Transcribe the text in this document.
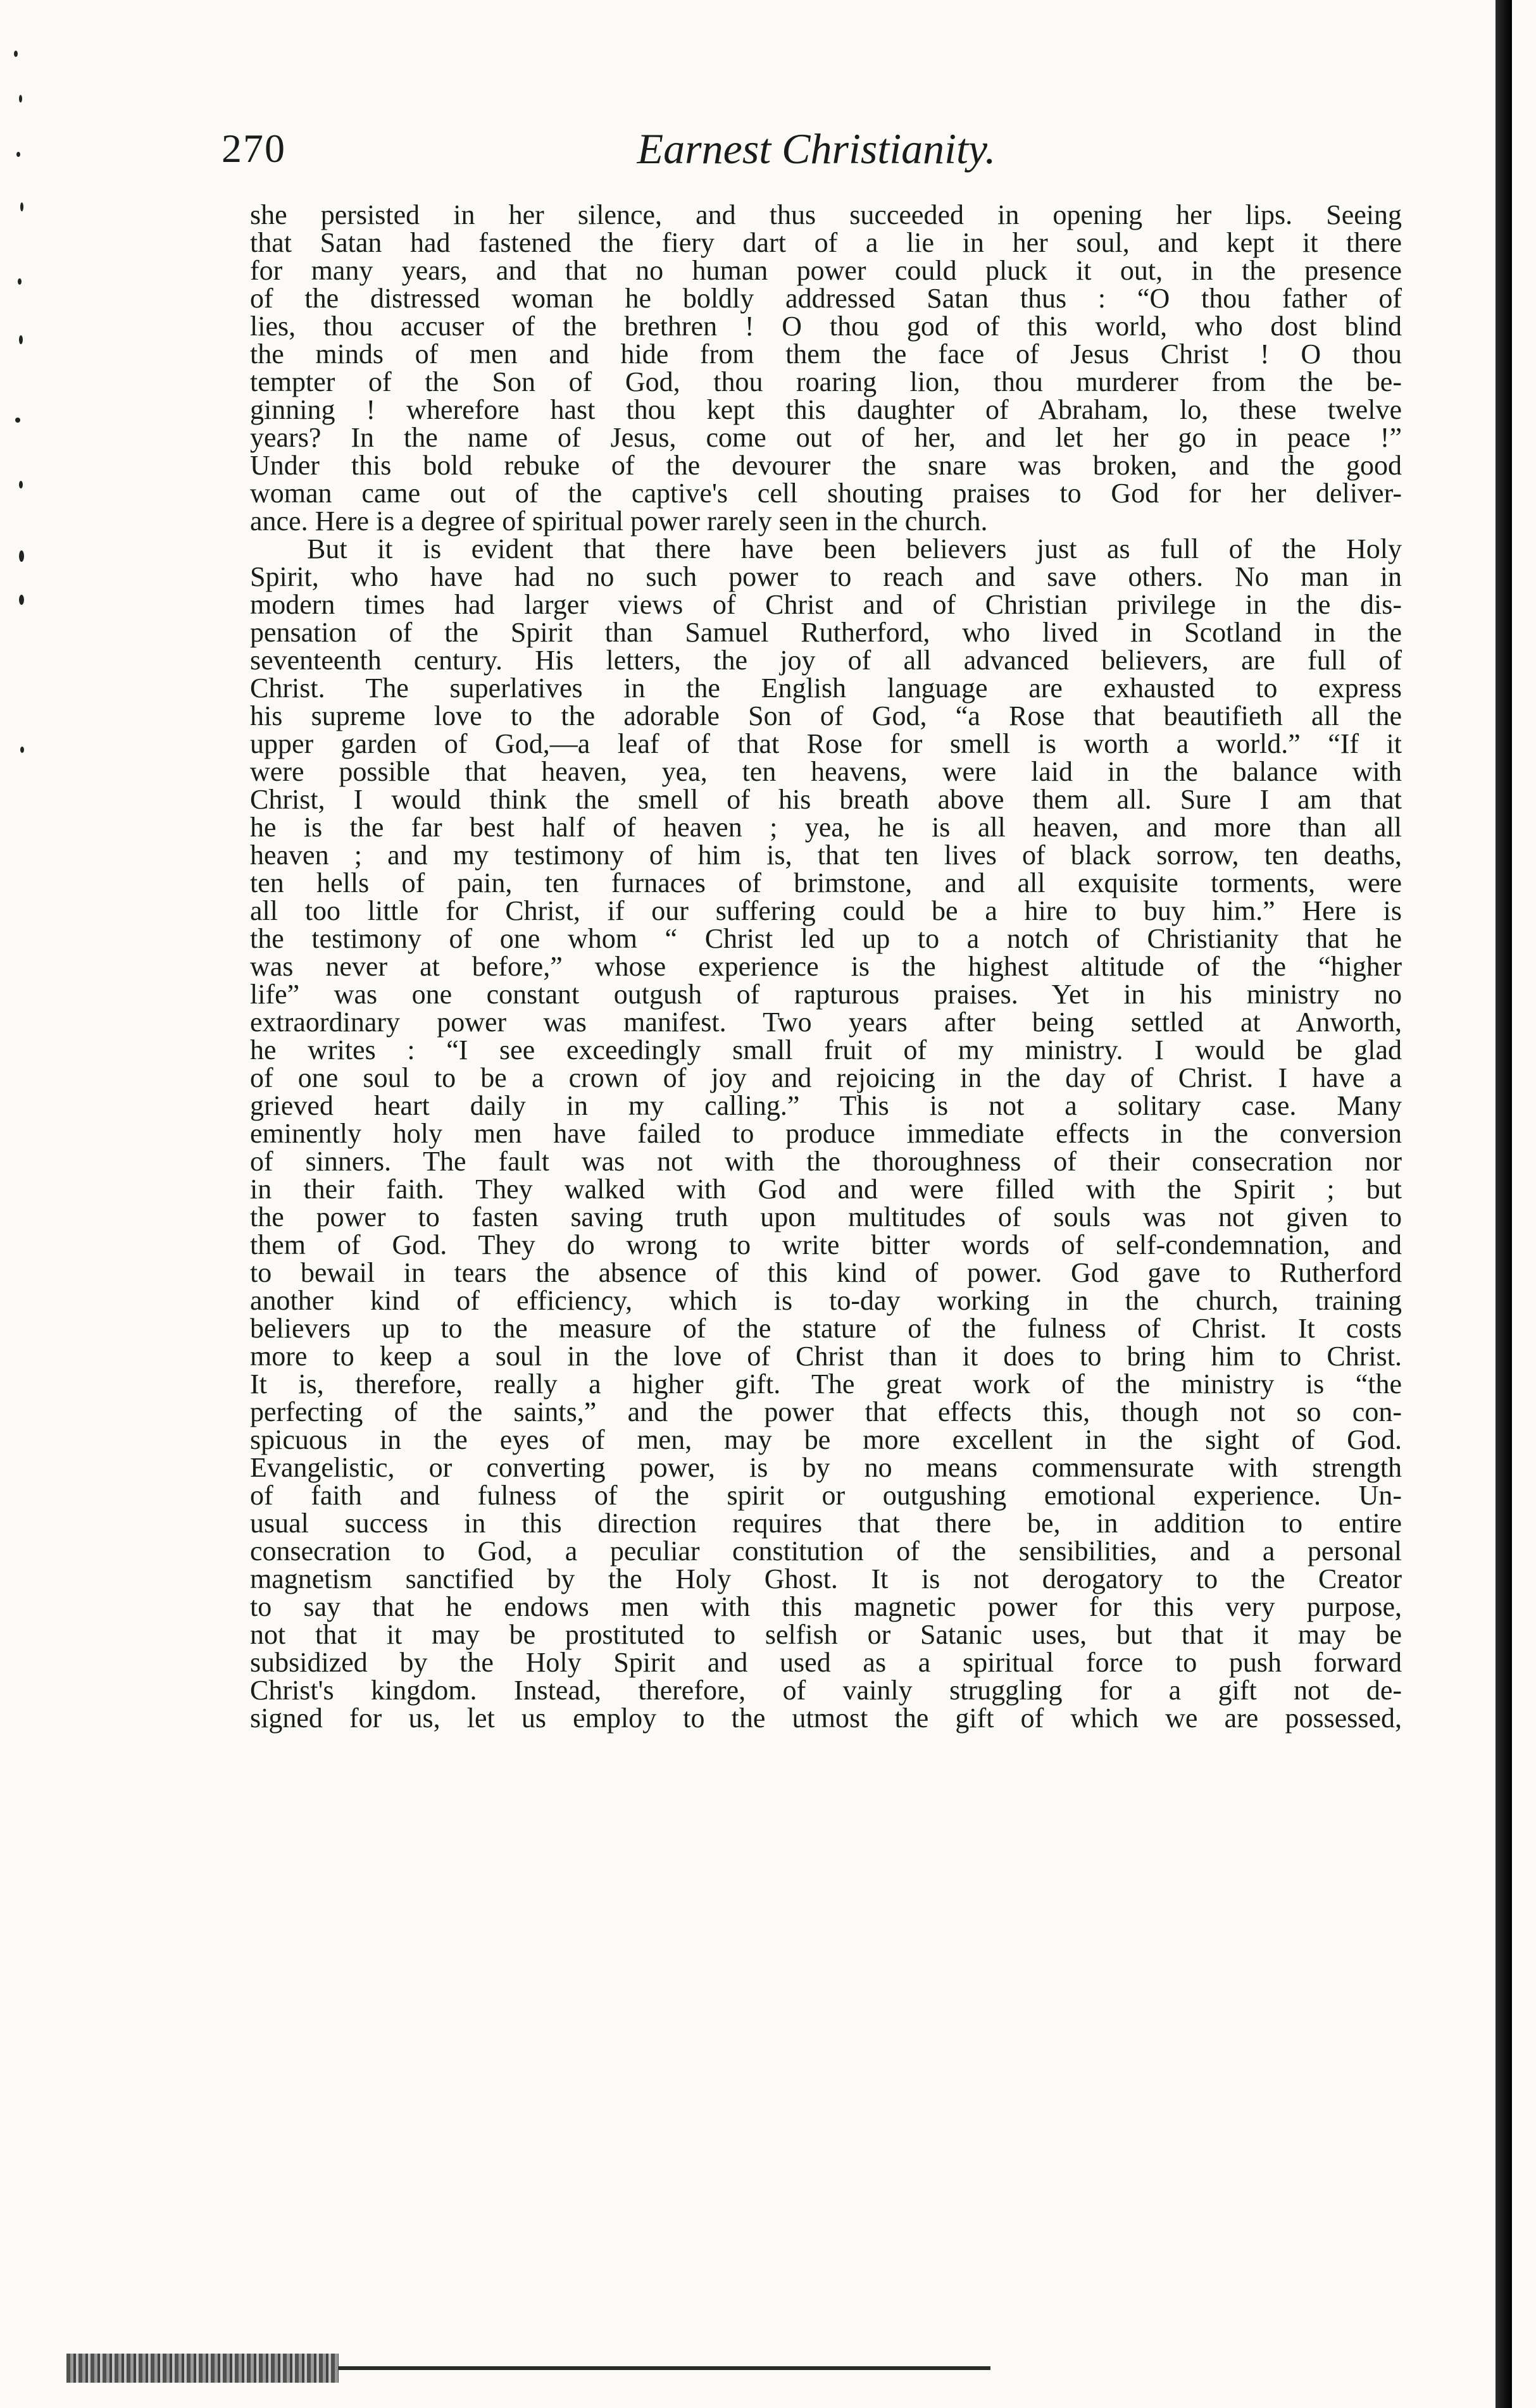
270	Earnest Christianity.
she persisted in her silence, and thus succeeded in opening her lips. Seeing
that Satan had fastened the fiery dart of a lie in her soul, and kept it there
for many years, and that no human power could pluck it out, in the presence
of the distressed woman he boldly addressed Satan thus : “O thou father of
lies, thou accuser of the brethren ! O thou god of this world, who dost blind
the minds of men and hide from them the face of Jesus Christ ! O thou
tempter of the Son of God, thou roaring lion, thou murderer from the be-
ginning ! wherefore hast thou kept this daughter of Abraham, lo, these twelve
years? In the name of Jesus, come out of her, and let her go in peace !”
Under this bold rebuke of the devourer the snare was broken, and the good
woman came out of the captive's cell shouting praises to God for her deliver-
ance. Here is a degree of spiritual power rarely seen in the church.
But it is evident that there have been believers just as full of the Holy
Spirit, who have had no such power to reach and save others. No man in
modern times had larger views of Christ and of Christian privilege in the dis-
pensation of the Spirit than Samuel Rutherford, who lived in Scotland in the
seventeenth century. His letters, the joy of all advanced believers, are full of
Christ. The superlatives in the English language are exhausted to express
his supreme love to the adorable Son of God, “a Rose that beautifieth all the
upper garden of God,—a leaf of that Rose for smell is worth a world.” “If it
were possible that heaven, yea, ten heavens, were laid in the balance with
Christ, I would think the smell of his breath above them all. Sure I am that
he is the far best half of heaven ; yea, he is all heaven, and more than all
heaven ; and my testimony of him is, that ten lives of black sorrow, ten deaths,
ten hells of pain, ten furnaces of brimstone, and all exquisite torments, were
all too little for Christ, if our suffering could be a hire to buy him.” Here is
the testimony of one whom “ Christ led up to a notch of Christianity that he
was never at before,” whose experience is the highest altitude of the “higher
life” was one constant outgush of rapturous praises. Yet in his ministry no
extraordinary power was manifest. Two years after being settled at Anworth,
he writes : “I see exceedingly small fruit of my ministry. I would be glad
of one soul to be a crown of joy and rejoicing in the day of Christ. I have a
grieved heart daily in my calling.” This is not a solitary case. Many
eminently holy men have failed to produce immediate effects in the conversion
of sinners. The fault was not with the thoroughness of their consecration nor
in their faith. They walked with God and were filled with the Spirit ; but
the power to fasten saving truth upon multitudes of souls was not given to
them of God. They do wrong to write bitter words of self-condemnation, and
to bewail in tears the absence of this kind of power. God gave to Rutherford
another kind of efficiency, which is to-day working in the church, training
believers up to the measure of the stature of the fulness of Christ. It costs
more to keep a soul in the love of Christ than it does to bring him to Christ.
It is, therefore, really a higher gift. The great work of the ministry is “the
perfecting of the saints,” and the power that effects this, though not so con-
spicuous in the eyes of men, may be more excellent in the sight of God.
Evangelistic, or converting power, is by no means commensurate with strength
of faith and fulness of the spirit or outgushing emotional experience. Un-
usual success in this direction requires that there be, in addition to entire
consecration to God, a peculiar constitution of the sensibilities, and a personal
magnetism sanctified by the Holy Ghost. It is not derogatory to the Creator
to say that he endows men with this magnetic power for this very purpose,
not that it may be prostituted to selfish or Satanic uses, but that it may be
subsidized by the Holy Spirit and used as a spiritual force to push forward
Christ's kingdom. Instead, therefore, of vainly struggling for a gift not de-
signed for us, let us employ to the utmost the gift of which we are possessed,
